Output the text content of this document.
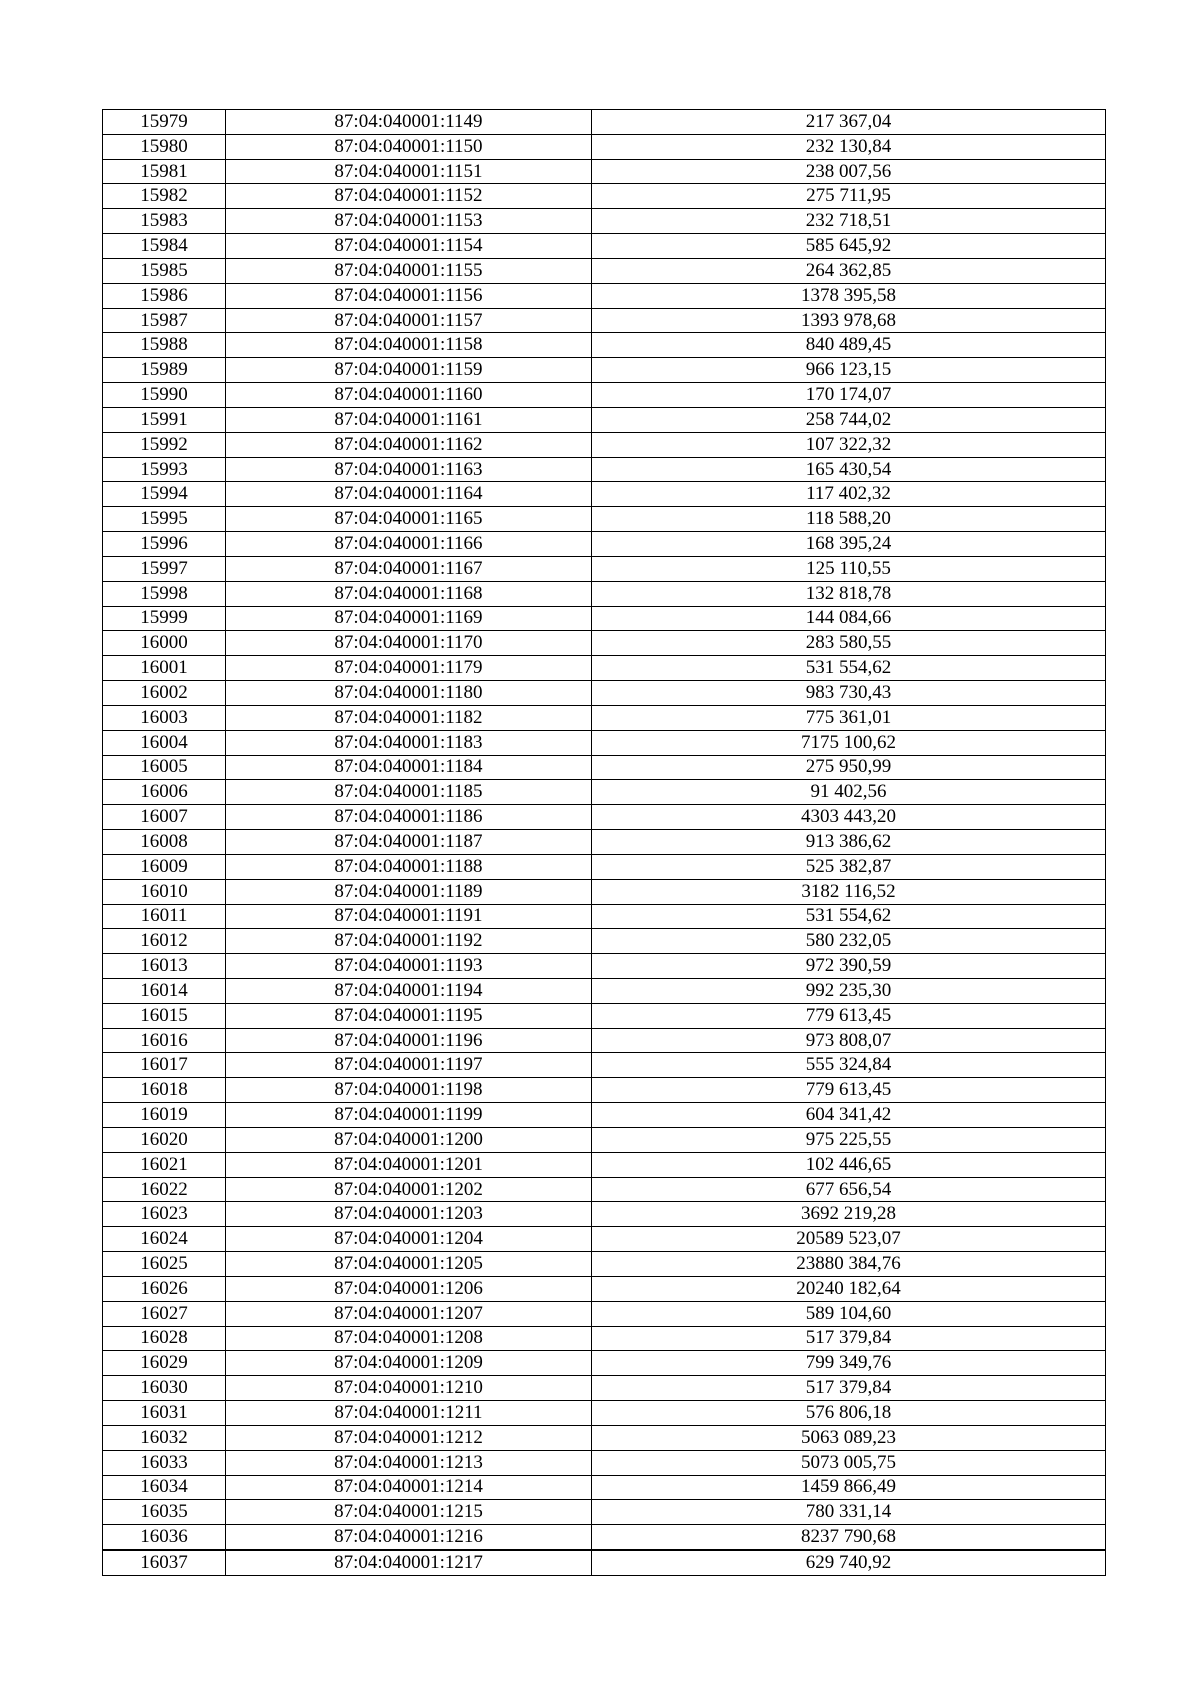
15979	87:04:040001:1149	217 367,04
15980	87:04:040001:1150	232 130,84
15981	87:04:040001:1151	238 007,56
15982	87:04:040001:1152	275 711,95
15983	87:04:040001:1153	232 718,51
15984	87:04:040001:1154	585 645,92
15985	87:04:040001:1155	264 362,85
15986	87:04:040001:1156	1378 395,58
15987	87:04:040001:1157	1393 978,68
15988	87:04:040001:1158	840 489,45
15989	87:04:040001:1159	966 123,15
15990	87:04:040001:1160	170 174,07
15991	87:04:040001:1161	258 744,02
15992	87:04:040001:1162	107 322,32
15993	87:04:040001:1163	165 430,54
15994	87:04:040001:1164	117 402,32
15995	87:04:040001:1165	118 588,20
15996	87:04:040001:1166	168 395,24
15997	87:04:040001:1167	125 110,55
15998	87:04:040001:1168	132 818,78
15999	87:04:040001:1169	144 084,66
16000	87:04:040001:1170	283 580,55
16001	87:04:040001:1179	531 554,62
16002	87:04:040001:1180	983 730,43
16003	87:04:040001:1182	775 361,01
16004	87:04:040001:1183	7175 100,62
16005	87:04:040001:1184	275 950,99
16006	87:04:040001:1185	91 402,56
16007	87:04:040001:1186	4303 443,20
16008	87:04:040001:1187	913 386,62
16009	87:04:040001:1188	525 382,87
16010	87:04:040001:1189	3182 116,52
16011	87:04:040001:1191	531 554,62
16012	87:04:040001:1192	580 232,05
16013	87:04:040001:1193	972 390,59
16014	87:04:040001:1194	992 235,30
16015	87:04:040001:1195	779 613,45
16016	87:04:040001:1196	973 808,07
16017	87:04:040001:1197	555 324,84
16018	87:04:040001:1198	779 613,45
16019	87:04:040001:1199	604 341,42
16020	87:04:040001:1200	975 225,55
16021	87:04:040001:1201	102 446,65
16022	87:04:040001:1202	677 656,54
16023	87:04:040001:1203	3692 219,28
16024	87:04:040001:1204	20589 523,07
16025	87:04:040001:1205	23880 384,76
16026	87:04:040001:1206	20240 182,64
16027	87:04:040001:1207	589 104,60
16028	87:04:040001:1208	517 379,84
16029	87:04:040001:1209	799 349,76
16030	87:04:040001:1210	517 379,84
16031	87:04:040001:1211	576 806,18
16032	87:04:040001:1212	5063 089,23
16033	87:04:040001:1213	5073 005,75
16034	87:04:040001:1214	1459 866,49
16035	87:04:040001:1215	780 331,14
16036	87:04:040001:1216	8237 790,68
16037	87:04:040001:1217	629 740,92
